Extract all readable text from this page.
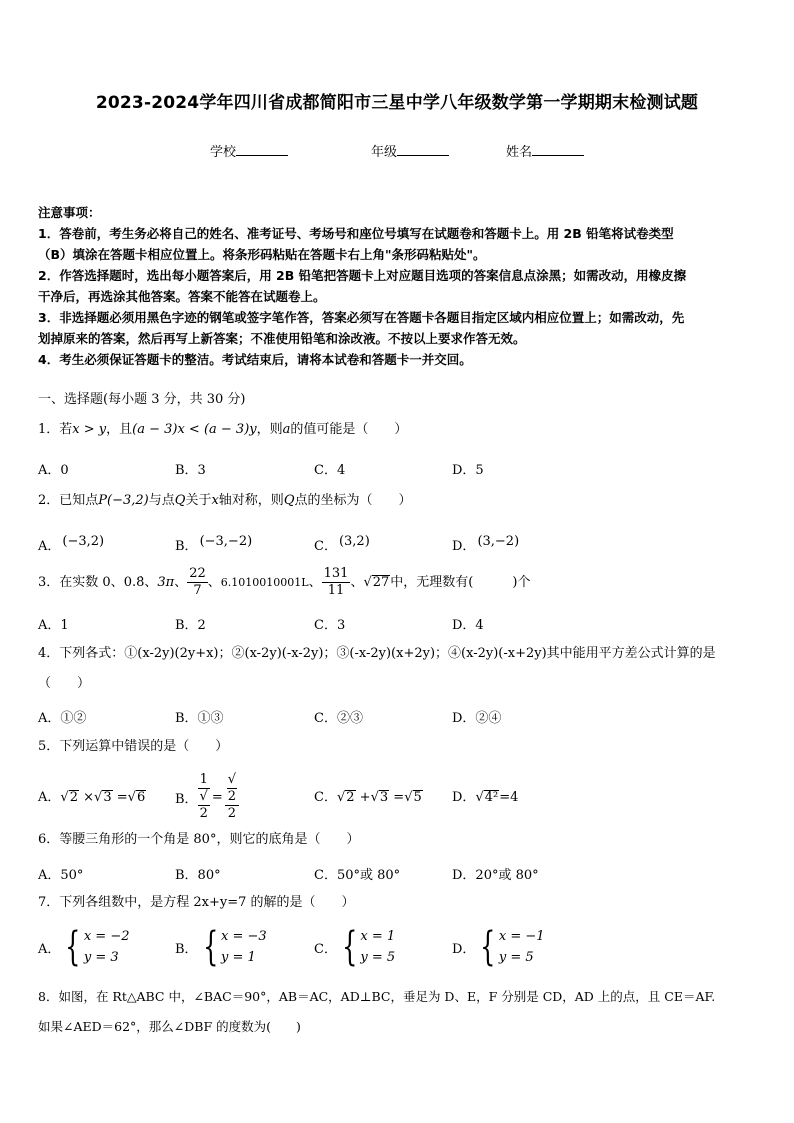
2023-2024学年四川省成都简阳市三星中学八年级数学第一学期期末检测试题
学校	年级	姓名
注意事项：
1．答卷前，考生务必将自己的姓名、准考证号、考场号和座位号填写在试题卷和答题卡上。用 2B 铅笔将试卷类型
（B）填涂在答题卡相应位置上。将条形码粘贴在答题卡右上角"条形码粘贴处"。
2．作答选择题时，选出每小题答案后，用 2B 铅笔把答题卡上对应题目选项的答案信息点涂黑；如需改动，用橡皮擦
干净后，再选涂其他答案。答案不能答在试题卷上。
3．非选择题必须用黑色字迹的钢笔或签字笔作答，答案必须写在答题卡各题目指定区域内相应位置上；如需改动，先
划掉原来的答案，然后再写上新答案；不准使用铅笔和涂改液。不按以上要求作答无效。
4．考生必须保证答题卡的整洁。考试结束后，请将本试卷和答题卡一并交回。
一、选择题(每小题 3 分，共 30 分)
1．若x > y，且(a − 3)x < (a − 3)y，则a的值可能是（　　）
A．0	B．3	C．4	D．5
2．已知点P(−3,2)与点Q关于x轴对称，则Q点的坐标为（　　）
A． (−3,2)	B． (−3,−2)	C． (3,2)	D． (3,−2)
3．在实数 0、 0.8̇ 、 3π 、 $\frac{22}{7}$ 、 6.1010010001L 、 $\frac{131}{11}$ 、 √27 中，无理数有(　　　)个
A．1	B．2	C．3	D．4
4．下列各式：①(x-2y)(2y+x)；②(x-2y)(-x-2y)；③(-x-2y)(x+2y)；④(x-2y)(-x+2y)其中能用平方差公式计算的是
（　　）
A．①②	B．①③	C．②③	D．②④
5．下列运算中错误的是（　　）
A．√2 ×√3 =√6 B． 1
√
2 = √
2
2	C．√2 +√3 =√5 D．√4²=4
6．等腰三角形的一个角是 80°，则它的底角是（　　）
A．50°	B．80°	C．50°或 80°	D．20°或 80°
7．下列各组数中，是方程 2x+y=7 的解的是（　　）
A． { x = −2
y = 3
B． { x = −3
y = 1
C． { x = 1
y = 5
D． { x = −1
y = 5
8．如图，在 Rt△ABC 中，∠BAC＝90°，AB＝AC，AD⊥BC，垂足为 D、E，F 分别是 CD，AD 上的点，且 CE＝AF.
如果∠AED＝62°，那么∠DBF 的度数为(　　)
